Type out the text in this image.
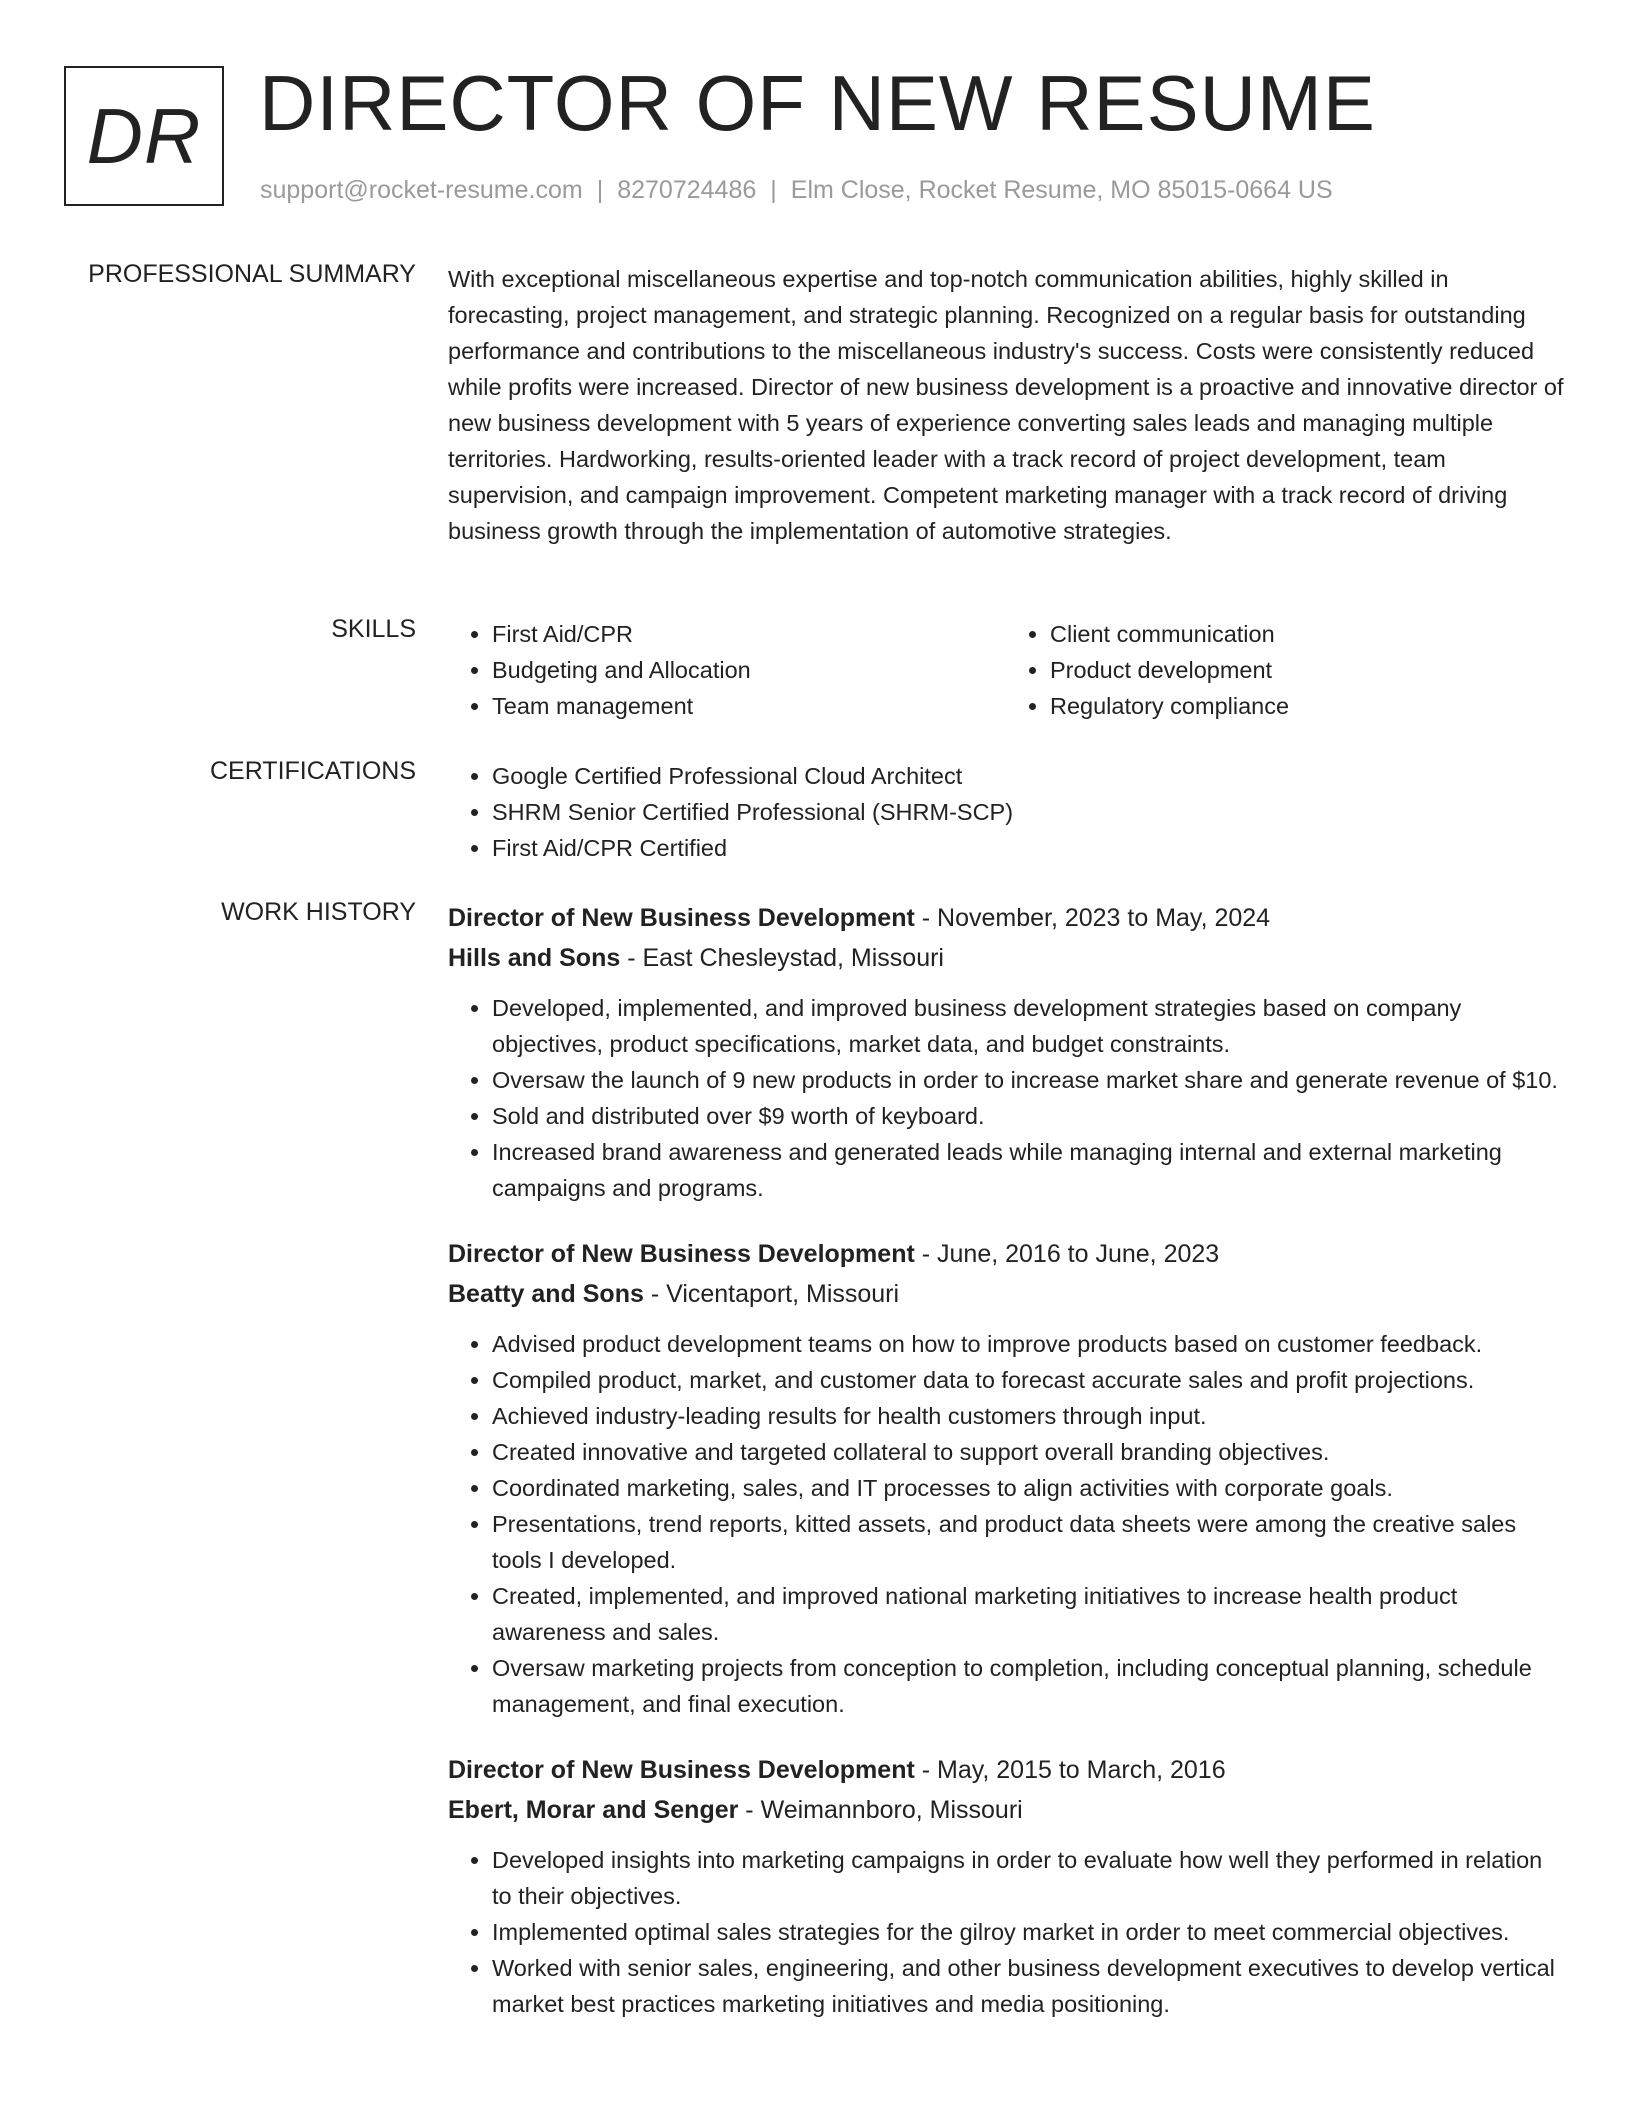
DR DIRECTOR OF NEW RESUME
support@rocket-resume.com | 8270724486 | Elm Close, Rocket Resume, MO 85015-0664 US
PROFESSIONAL SUMMARY With exceptional miscellaneous expertise and top-notch communication abilities, highly skilled in forecasting, project management, and strategic planning. Recognized on a regular basis for outstanding performance and contributions to the miscellaneous industry's success. Costs were consistently reduced while profits were increased. Director of new business development is a proactive and innovative director of new business development with 5 years of experience converting sales leads and managing multiple territories. Hardworking, results-oriented leader with a track record of project development, team supervision, and campaign improvement. Competent marketing manager with a track record of driving business growth through the implementation of automotive strategies.

SKILLS	• First Aid/CPR
• Budgeting and Allocation
• Team management
• Client communication
• Product development
• Regulatory compliance
CERTIFICATIONS	• Google Certified Professional Cloud Architect
• SHRM Senior Certified Professional (SHRM-SCP)
• First Aid/CPR Certified
WORK HISTORY Director of New Business Development - November, 2023 to May, 2024
Hills and Sons - East Chesleystad, Missouri
• Developed, implemented, and improved business development strategies based on company objectives, product specifications, market data, and budget constraints.
• Oversaw the launch of 9 new products in order to increase market share and generate revenue of $10.
• Sold and distributed over $9 worth of keyboard.
• Increased brand awareness and generated leads while managing internal and external marketing campaigns and programs.
Director of New Business Development - June, 2016 to June, 2023
Beatty and Sons - Vicentaport, Missouri
• Advised product development teams on how to improve products based on customer feedback.
• Compiled product, market, and customer data to forecast accurate sales and profit projections.
• Achieved industry-leading results for health customers through input.
• Created innovative and targeted collateral to support overall branding objectives.
• Coordinated marketing, sales, and IT processes to align activities with corporate goals.
• Presentations, trend reports, kitted assets, and product data sheets were among the creative sales tools I developed.
• Created, implemented, and improved national marketing initiatives to increase health product awareness and sales.
• Oversaw marketing projects from conception to completion, including conceptual planning, schedule management, and final execution.
Director of New Business Development - May, 2015 to March, 2016
Ebert, Morar and Senger - Weimannboro, Missouri
• Developed insights into marketing campaigns in order to evaluate how well they performed in relation to their objectives.
• Implemented optimal sales strategies for the gilroy market in order to meet commercial objectives.
• Worked with senior sales, engineering, and other business development executives to develop vertical market best practices marketing initiatives and media positioning.
